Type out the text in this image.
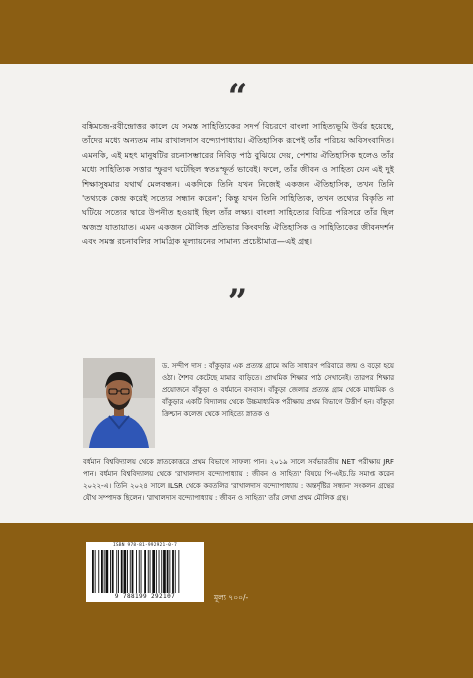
“

বঙ্কিমচন্দ্র-রবীন্দ্রোত্তর কালে যে সমস্ত সাহিত্যিকের সদর্প বিচরণে বাংলা সাহিত্যভূমি উর্বর হয়েছে, তাঁদের মধ্যে অন্যতম নাম রাখালদাস বন্দ্যোপাধ্যায়। ঐতিহাসিক রূপেই তাঁর পরিচয় অবিসংবাদিত। এমনকি, এই মহৎ মানুষটির রচনাসম্ভারের নিবিড় পাঠ বুঝিয়ে দেয়, পেশায় ঐতিহাসিক হলেও তাঁর মধ্যে সাহিত্যিক সত্তার স্ফুরণ ঘটেছিল স্বতঃস্ফূর্ত ভাবেই। ফলে, তাঁর জীবন ও সাহিত্য যেন এই দুই শিক্ষাসুষমার যথার্থ মেলবন্ধন। একদিকে তিনি যখন নিজেই একজন ঐতিহাসিক, তখন তিনি 'তথ্যকে কেন্দ্র করেই সত্যের সন্ধান করেন'; কিন্তু যখন তিনি সাহিত্যিক, তখন তথ্যের বিকৃতি না ঘটিয়ে সত্যের দ্বারে উপনীত হওয়াই ছিল তাঁর লক্ষ্য। বাংলা সাহিত্যের বিচিত্র পরিসরে তাঁর ছিল অজস্র যাতায়াত। এমন একজন মৌলিক প্রতিভার কিংবদন্তি ঐতিহাসিক ও সাহিত্যিকের জীবনদর্শন এবং সমস্ত রচনাবলির সামগ্রিক মূল্যায়নের সামান্য প্রচেষ্টামাত্র—এই গ্রন্থ।

”

ড. সন্দীপ দাস : বাঁকুড়ার এক প্রত্যন্ত গ্রামে অতি সাধারণ পরিবারে জন্ম ও বড়ো হয়ে ওঠা। শৈশব কেটেছে মামার বাড়িতে। প্রাথমিক শিক্ষার পাঠ সেখানেই। তারপর শিক্ষার প্রয়োজনে বাঁকুড়া ও বর্ধমানে বসবাস। বাঁকুড়া জেলার প্রত্যন্ত গ্রাম থেকে মাধ্যমিক ও বাঁকুড়ার একটি বিদ্যালয় থেকে উচ্চমাধ্যমিক পরীক্ষায় প্রথম বিভাগে উত্তীর্ণ হন। বাঁকুড়া ক্রিশ্চান কলেজ থেকে সাহিত্যে স্নাতক ও

বর্ধমান বিশ্ববিদ্যালয় থেকে স্নাতকোত্তরে প্রথম বিভাগে সাফল্য পান। ২০১৯ সালে সর্বভারতীয় NET পরীক্ষায় JRF পান। বর্ধমান বিশ্ববিদ্যালয় থেকে 'রাখালদাস বন্দ্যোপাধ্যায় : জীবন ও সাহিত্য' বিষয়ে পি-এইচ.ডি সমাপ্ত করেন ২০২২-এ। তিনি ২০২৪ সালে ILSR থেকে কবতলির 'রাখালদাস বন্দ্যোপাধ্যায় : অন্তর্দৃষ্টির সন্ধান' সংকলন গ্রন্থের যৌথ সম্পাদক ছিলেন। 'রাখালদাস বন্দ্যোপাধ্যায় : জীবন ও সাহিত্য' তাঁর লেখা প্রথম মৌলিক গ্রন্থ।

ISBN 978-81-992921-0-7
9 788199 292107	মূল্য ৭০০/-
